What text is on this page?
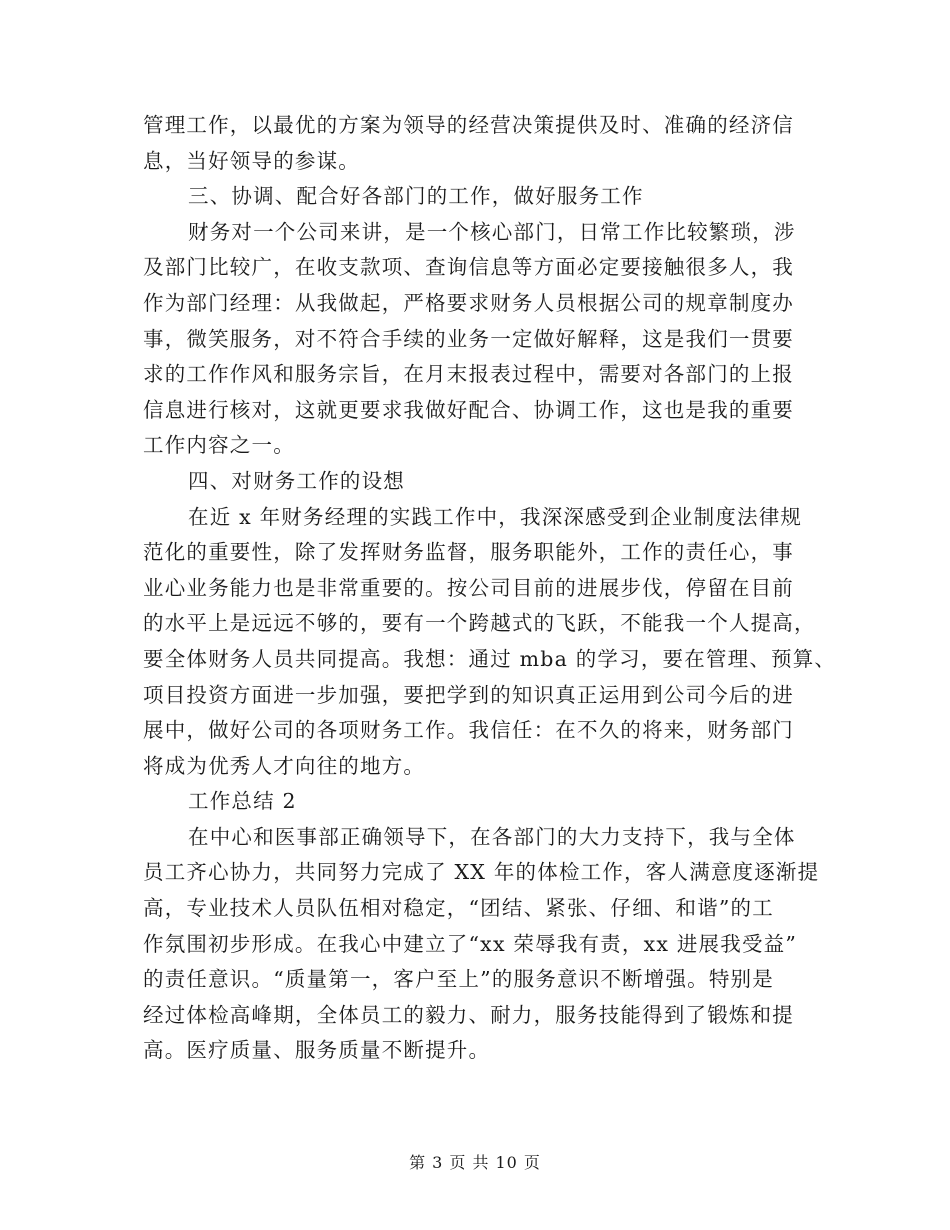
管理工作，以最优的方案为领导的经营决策提供及时、准确的经济信
息，当好领导的参谋。
三、协调、配合好各部门的工作，做好服务工作
财务对一个公司来讲，是一个核心部门，日常工作比较繁琐，涉
及部门比较广，在收支款项、查询信息等方面必定要接触很多人，我
作为部门经理：从我做起，严格要求财务人员根据公司的规章制度办
事，微笑服务，对不符合手续的业务一定做好解释，这是我们一贯要
求的工作作风和服务宗旨，在月末报表过程中，需要对各部门的上报
信息进行核对，这就更要求我做好配合、协调工作，这也是我的重要
工作内容之一。
四、对财务工作的设想
在近 x 年财务经理的实践工作中，我深深感受到企业制度法律规
范化的重要性，除了发挥财务监督，服务职能外，工作的责任心，事
业心业务能力也是非常重要的。按公司目前的进展步伐，停留在目前
的水平上是远远不够的，要有一个跨越式的飞跃，不能我一个人提高，
要全体财务人员共同提高。我想：通过 mba 的学习，要在管理、预算、
项目投资方面进一步加强，要把学到的知识真正运用到公司今后的进
展中，做好公司的各项财务工作。我信任：在不久的将来，财务部门
将成为优秀人才向往的地方。
工作总结 2
在中心和医事部正确领导下，在各部门的大力支持下，我与全体
员工齐心协力，共同努力完成了 XX 年的体检工作，客人满意度逐渐提
高，专业技术人员队伍相对稳定，“团结、紧张、仔细、和谐”的工
作氛围初步形成。在我心中建立了“xx 荣辱我有责，xx 进展我受益”
的责任意识。“质量第一，客户至上”的服务意识不断增强。特别是
经过体检高峰期，全体员工的毅力、耐力，服务技能得到了锻炼和提
高。医疗质量、服务质量不断提升。
第 3 页 共 10 页
